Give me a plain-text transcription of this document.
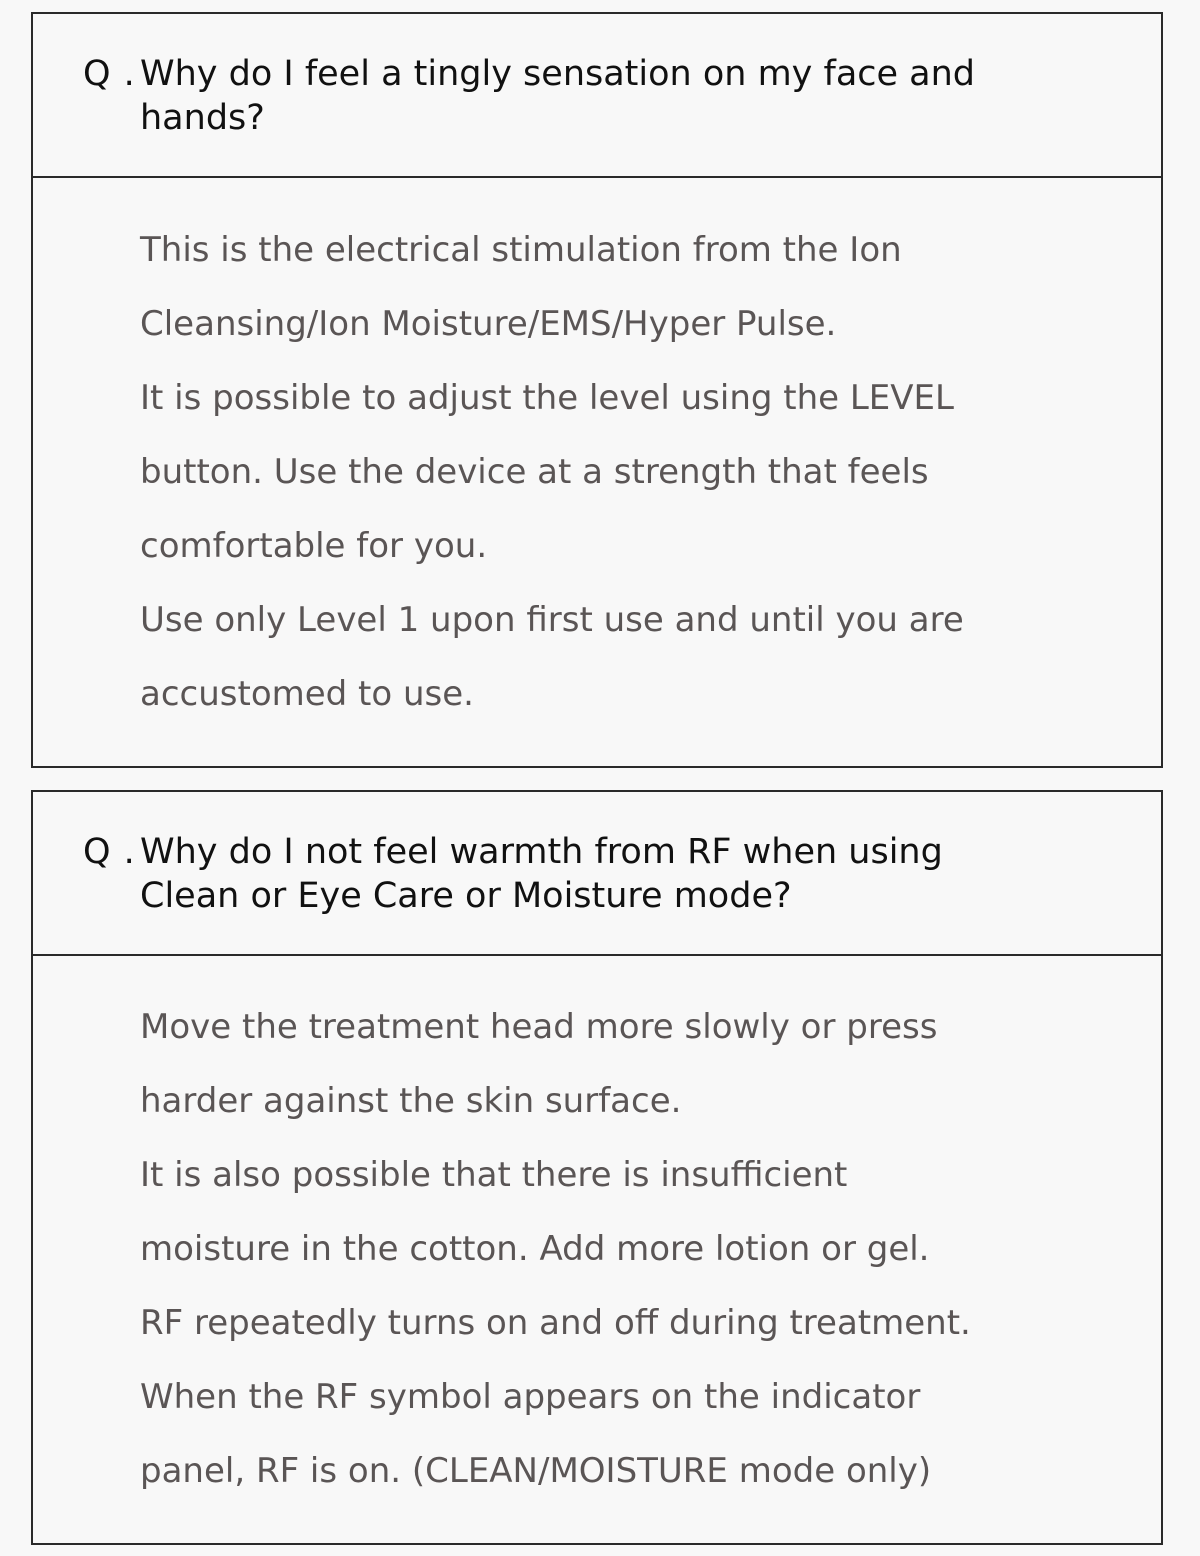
Q . Why do I feel a tingly sensation on my face and
hands?
This is the electrical stimulation from the Ion
Cleansing/Ion Moisture/EMS/Hyper Pulse.
It is possible to adjust the level using the LEVEL
button. Use the device at a strength that feels
comfortable for you.
Use only Level 1 upon first use and until you are
accustomed to use.
Q . Why do I not feel warmth from RF when using
Clean or Eye Care or Moisture mode?
Move the treatment head more slowly or press
harder against the skin surface.
It is also possible that there is insufficient
moisture in the cotton. Add more lotion or gel.
RF repeatedly turns on and off during treatment.
When the RF symbol appears on the indicator
panel, RF is on. (CLEAN/MOISTURE mode only)
